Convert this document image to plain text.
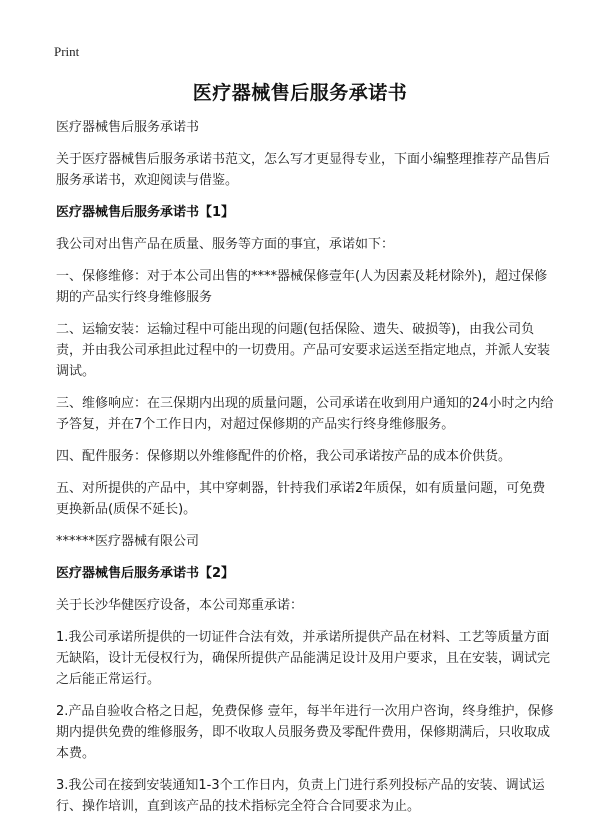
Print
医疗器械售后服务承诺书

医疗器械售后服务承诺书

关于医疗器械售后服务承诺书范文，怎么写才更显得专业，下面小编整理推荐产品售后服务承诺书，欢迎阅读与借鉴。

医疗器械售后服务承诺书【1】

我公司对出售产品在质量、服务等方面的事宜，承诺如下：

一、保修维修：对于本公司出售的****器械保修壹年(人为因素及耗材除外)，超过保修期的产品实行终身维修服务

二、运输安装：运输过程中可能出现的问题(包括保险、遗失、破损等)，由我公司负责，并由我公司承担此过程中的一切费用。产品可安要求运送至指定地点，并派人安装调试。

三、维修响应：在三保期内出现的质量问题，公司承诺在收到用户通知的24小时之内给予答复，并在7个工作日内，对超过保修期的产品实行终身维修服务。

四、配件服务：保修期以外维修配件的价格，我公司承诺按产品的成本价供货。

五、对所提供的产品中，其中穿刺器，针持我们承诺2年质保，如有质量问题，可免费更换新品(质保不延长)。

******医疗器械有限公司

医疗器械售后服务承诺书【2】

关于长沙华健医疗设备，本公司郑重承诺：

1.我公司承诺所提供的一切证件合法有效，并承诺所提供产品在材料、工艺等质量方面无缺陷，设计无侵权行为，确保所提供产品能满足设计及用户要求，且在安装，调试完之后能正常运行。

2.产品自验收合格之日起，免费保修 壹年，每半年进行一次用户咨询，终身维护，保修期内提供免费的维修服务，即不收取人员服务费及零配件费用，保修期满后，只收取成本费。

3.我公司在接到安装通知1-3个工作日内，负责上门进行系列投标产品的安装、调试运行、操作培训，直到该产品的技术指标完全符合合同要求为止。
